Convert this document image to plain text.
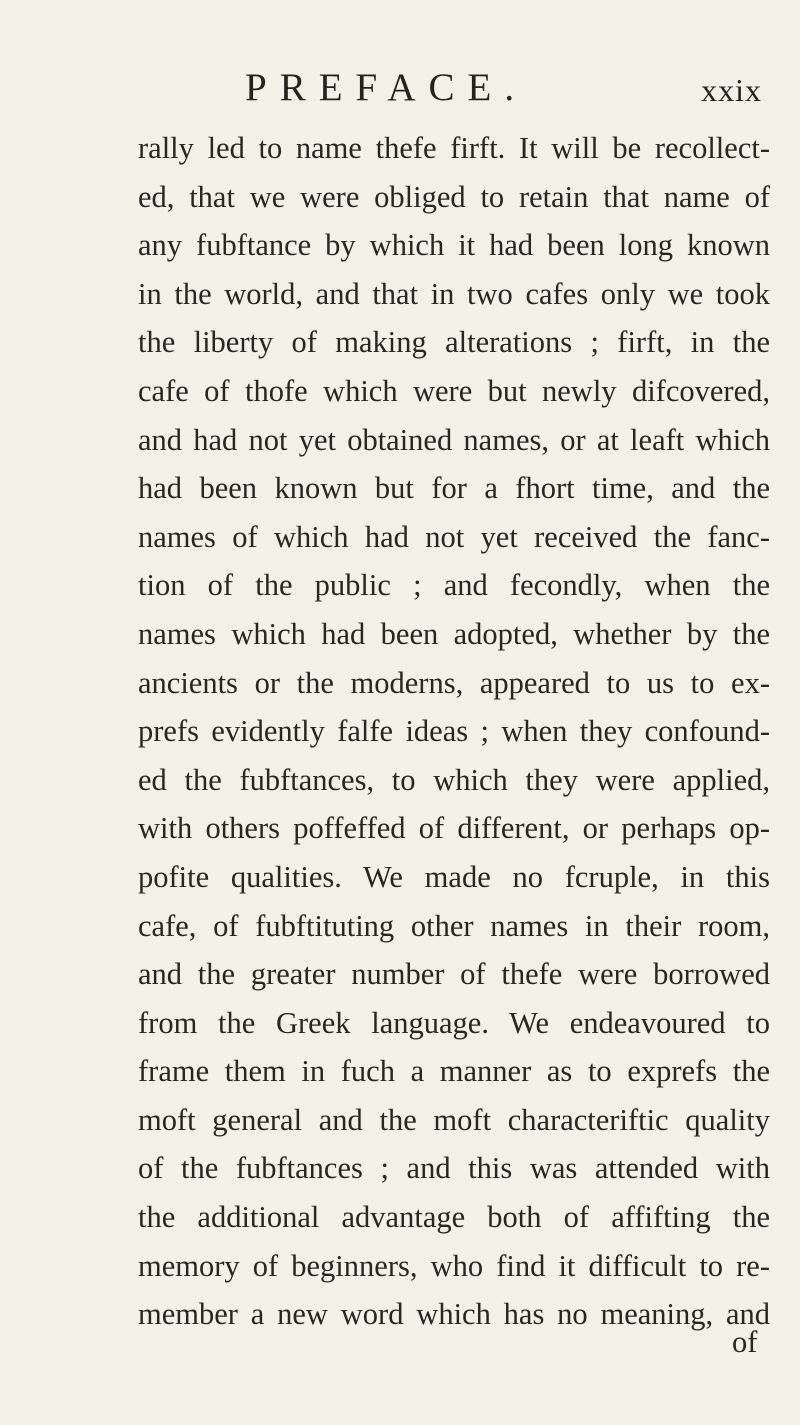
PREFACE.	xxix
rally led to name thefe firft. It will be recollect-
ed, that we were obliged to retain that name of
any fubftance by which it had been long known
in the world, and that in two cafes only we took
the liberty of making alterations ; firft, in the
cafe of thofe which were but newly difcovered,
and had not yet obtained names, or at leaft which
had been known but for a fhort time, and the
names of which had not yet received the fanc-
tion of the public ; and fecondly, when the
names which had been adopted, whether by the
ancients or the moderns, appeared to us to ex-
prefs evidently falfe ideas ; when they confound-
ed the fubftances, to which they were applied,
with others poffeffed of different, or perhaps op-
pofite qualities. We made no fcruple, in this
cafe, of fubftituting other names in their room,
and the greater number of thefe were borrowed
from the Greek language. We endeavoured to
frame them in fuch a manner as to exprefs the
moft general and the moft characteriftic quality
of the fubftances ; and this was attended with
the additional advantage both of affifting the
memory of beginners, who find it difficult to re-
member a new word which has no meaning, and
of
